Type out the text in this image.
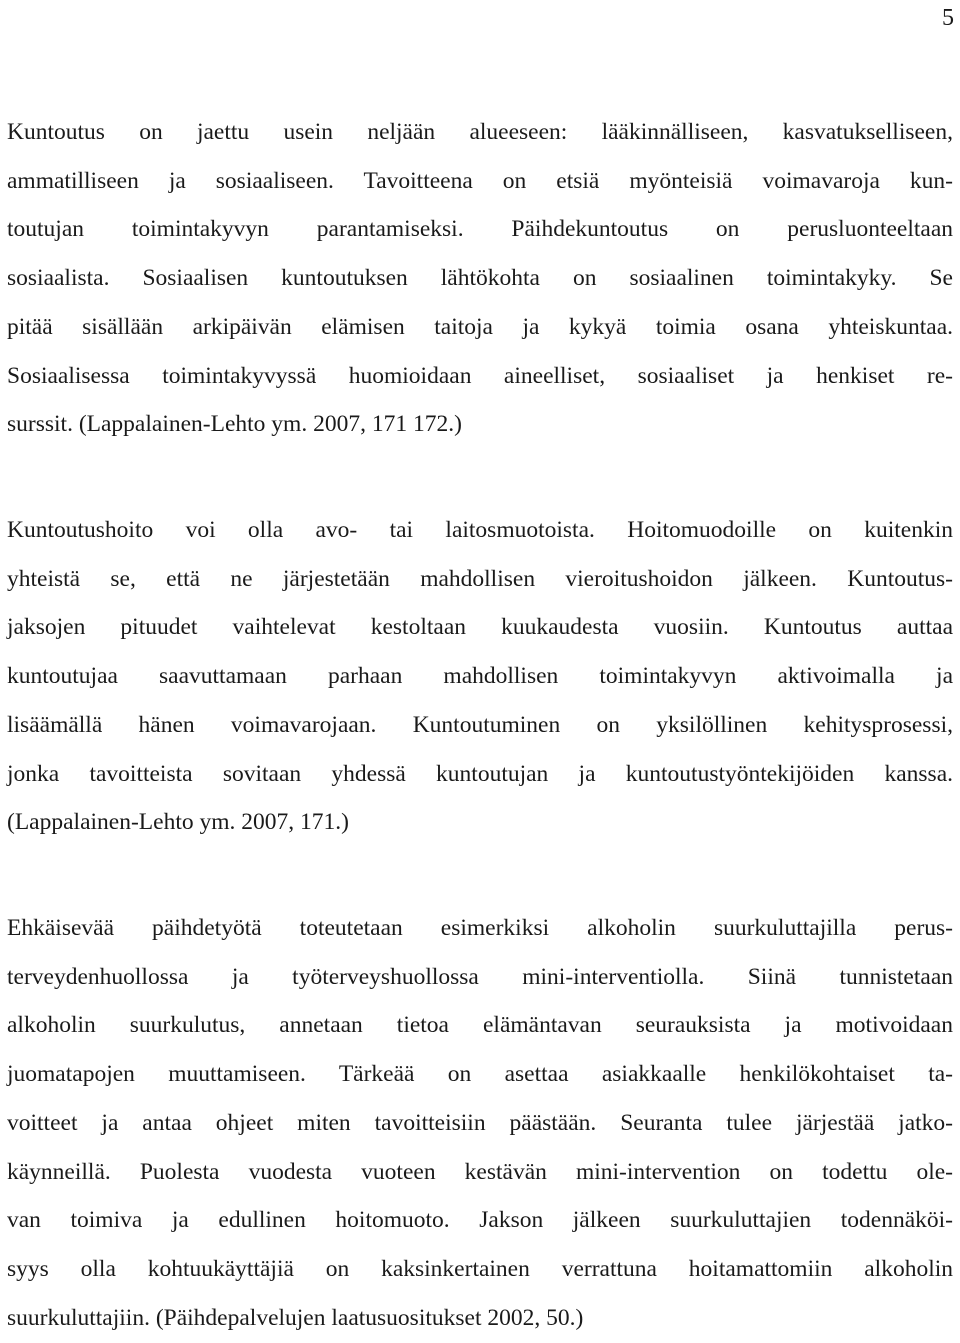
5
Kuntoutus on jaettu usein neljään alueeseen: lääkinnälliseen, kasvatukselliseen,
ammatilliseen ja sosiaaliseen. Tavoitteena on etsiä myönteisiä voimavaroja kun-
toutujan toimintakyvyn parantamiseksi. Päihdekuntoutus on perusluonteeltaan
sosiaalista. Sosiaalisen kuntoutuksen lähtökohta on sosiaalinen toimintakyky. Se
pitää sisällään arkipäivän elämisen taitoja ja kykyä toimia osana yhteiskuntaa.
Sosiaalisessa toimintakyvyssä huomioidaan aineelliset, sosiaaliset ja henkiset re-
surssit. (Lappalainen-Lehto ym. 2007, 171 172.)
Kuntoutushoito voi olla avo- tai laitosmuotoista. Hoitomuodoille on kuitenkin
yhteistä se, että ne järjestetään mahdollisen vieroitushoidon jälkeen. Kuntoutus-
jaksojen pituudet vaihtelevat kestoltaan kuukaudesta vuosiin. Kuntoutus auttaa
kuntoutujaa saavuttamaan parhaan mahdollisen toimintakyvyn aktivoimalla ja
lisäämällä hänen voimavarojaan. Kuntoutuminen on yksilöllinen kehitysprosessi,
jonka tavoitteista sovitaan yhdessä kuntoutujan ja kuntoutustyöntekijöiden kanssa.
(Lappalainen-Lehto ym. 2007, 171.)
Ehkäisevää päihdetyötä toteutetaan esimerkiksi alkoholin suurkuluttajilla perus-
terveydenhuollossa ja työterveyshuollossa mini-interventiolla. Siinä tunnistetaan
alkoholin suurkulutus, annetaan tietoa elämäntavan seurauksista ja motivoidaan
juomatapojen muuttamiseen. Tärkeää on asettaa asiakkaalle henkilökohtaiset ta-
voitteet ja antaa ohjeet miten tavoitteisiin päästään. Seuranta tulee järjestää jatko-
käynneillä. Puolesta vuodesta vuoteen kestävän mini-intervention on todettu ole-
van toimiva ja edullinen hoitomuoto. Jakson jälkeen suurkuluttajien todennäköi-
syys olla kohtuukäyttäjiä on kaksinkertainen verrattuna hoitamattomiin alkoholin
suurkuluttajiin. (Päihdepalvelujen laatusuositukset 2002, 50.)
